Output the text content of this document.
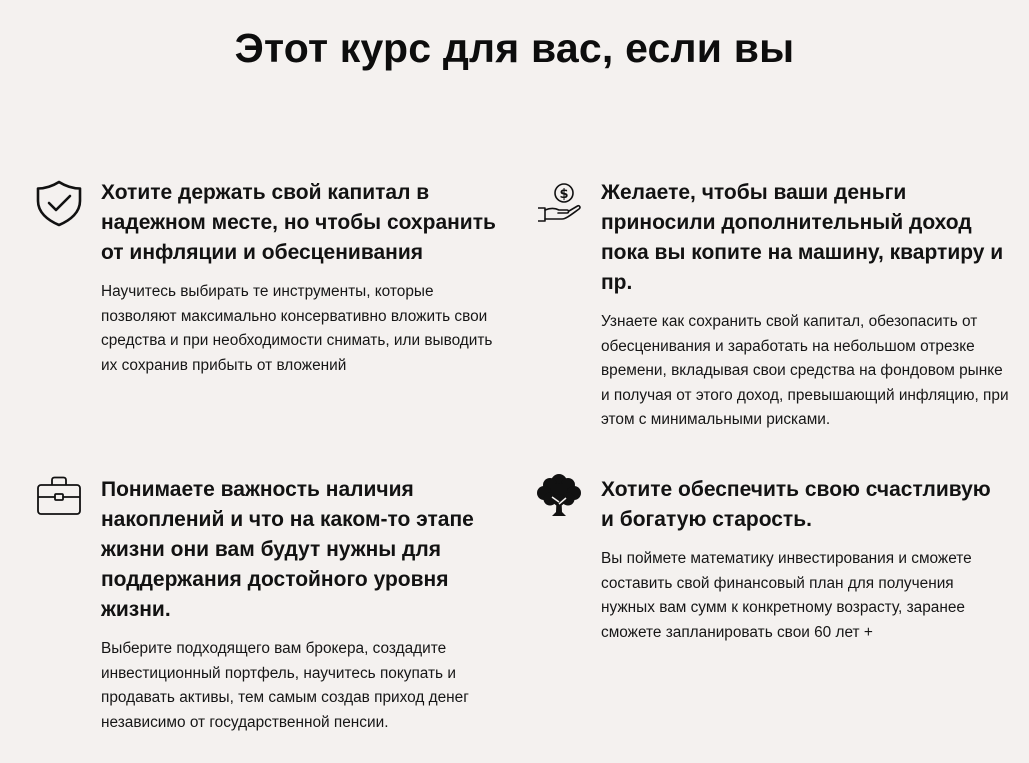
Этот курс для вас, если вы
Хотите держать свой капитал в надежном месте, но чтобы сохранить от инфляции и обесценивания

Научитесь выбирать те инструменты, которые позволяют максимально консервативно вложить свои средства и при необходимости снимать, или выводить их сохранив прибыть от вложений

$ Желаете, чтобы ваши деньги приносили дополнительный доход пока вы копите на машину, квартиру и пр.

Узнаете как сохранить свой капитал, обезопасить от обесценивания и заработать на небольшом отрезке времени, вкладывая свои средства на фондовом рынке и получая от этого доход, превышающий инфляцию, при этом с минимальными рисками.

Понимаете важность наличия накоплений и что на каком-то этапе жизни они вам будут нужны для поддержания достойного уровня жизни.

Выберите подходящего вам брокера, создадите инвестиционный портфель, научитесь покупать и продавать активы, тем самым создав приход денег независимо от государственной пенсии.

Хотите обеспечить свою счастливую и богатую старость.

Вы поймете математику инвестирования и сможете составить свой финансовый план для получения нужных вам сумм к конкретному возрасту, заранее сможете запланировать свои 60 лет +
